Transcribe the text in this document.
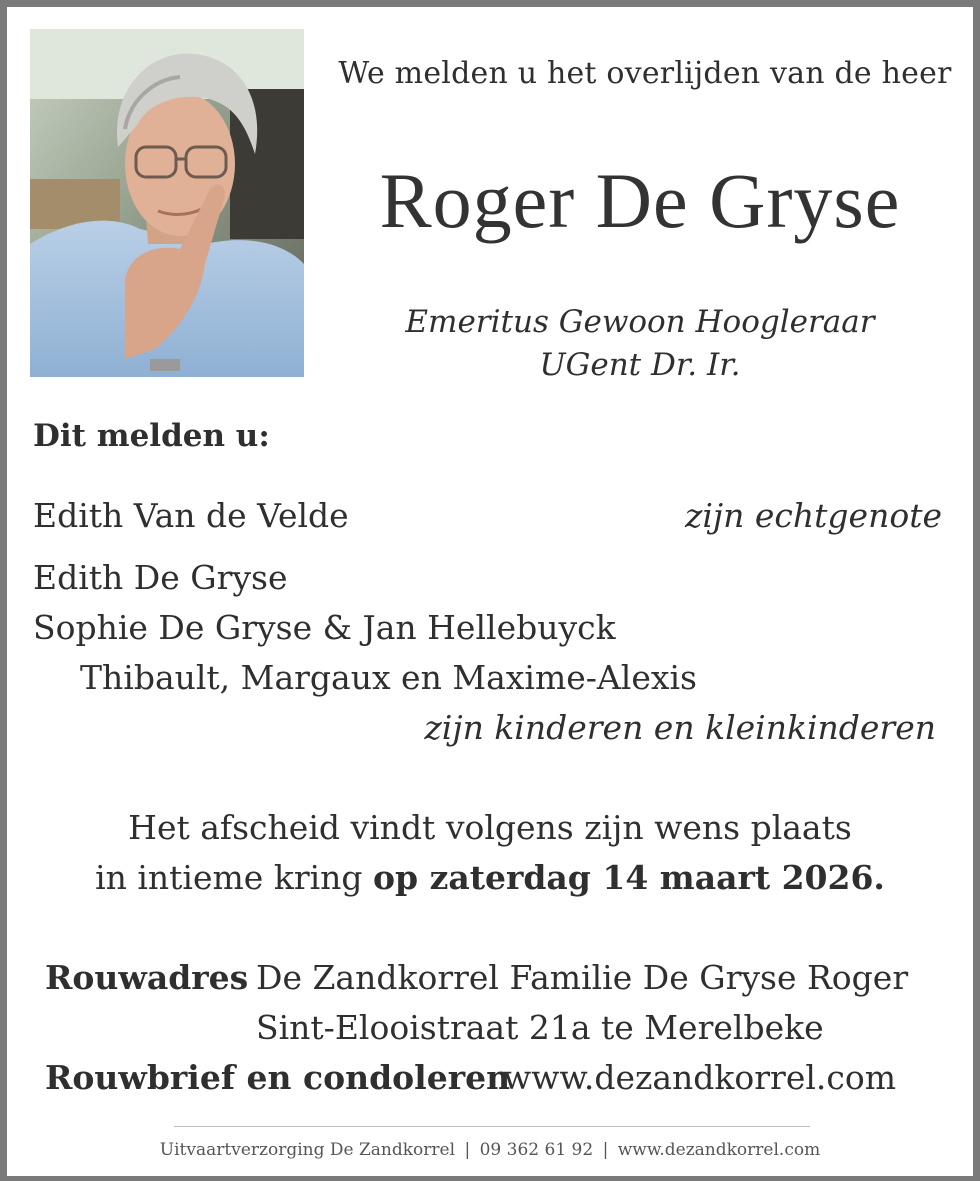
We melden u het overlijden van de heer
Roger De Gryse
Emeritus Gewoon Hoogleraar
UGent Dr. Ir.
Dit melden u:
Edith Van de Velde	zijn echtgenote
Edith De Gryse
Sophie De Gryse & Jan Hellebuyck
Thibault, Margaux en Maxime-Alexis
zijn kinderen en kleinkinderen
Het afscheid vindt volgens zijn wens plaats
in intieme kring op zaterdag 14 maart 2026.
Rouwadres De Zandkorrel Familie De Gryse Roger
Sint-Elooistraat 21a te Merelbeke
Rouwbrief en condoleren
www.dezandkorrel.com
Uitvaartverzorging De Zandkorrel | 09 362 61 92 | www.dezandkorrel.com
